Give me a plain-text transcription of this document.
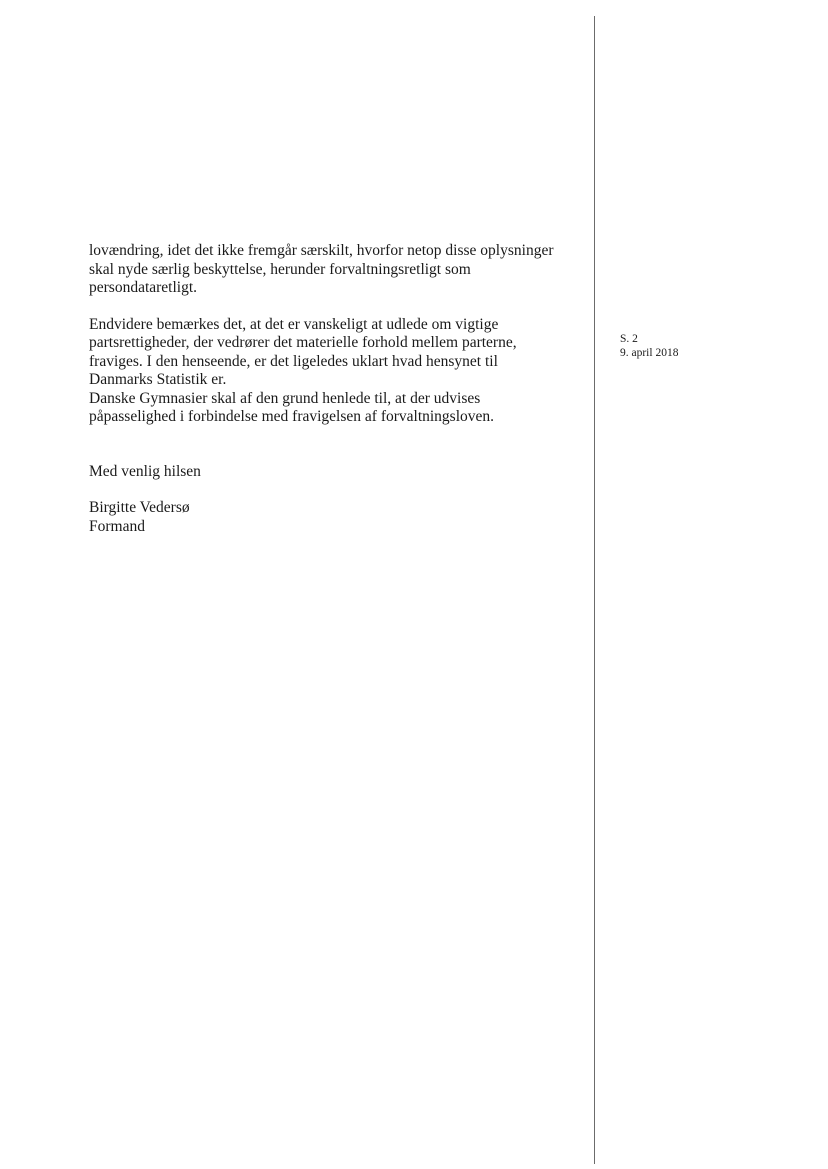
lovændring, idet det ikke fremgår særskilt, hvorfor netop disse oplysninger
skal nyde særlig beskyttelse, herunder forvaltningsretligt som
persondataretligt.

Endvidere bemærkes det, at det er vanskeligt at udlede om vigtige
partsrettigheder, der vedrører det materielle forhold mellem parterne,
fraviges. I den henseende, er det ligeledes uklart hvad hensynet til
Danmarks Statistik er.
Danske Gymnasier skal af den grund henlede til, at der udvises
påpasselighed i forbindelse med fravigelsen af forvaltningsloven.

Med venlig hilsen

Birgitte Vedersø

Formand

S. 2
9. april 2018
